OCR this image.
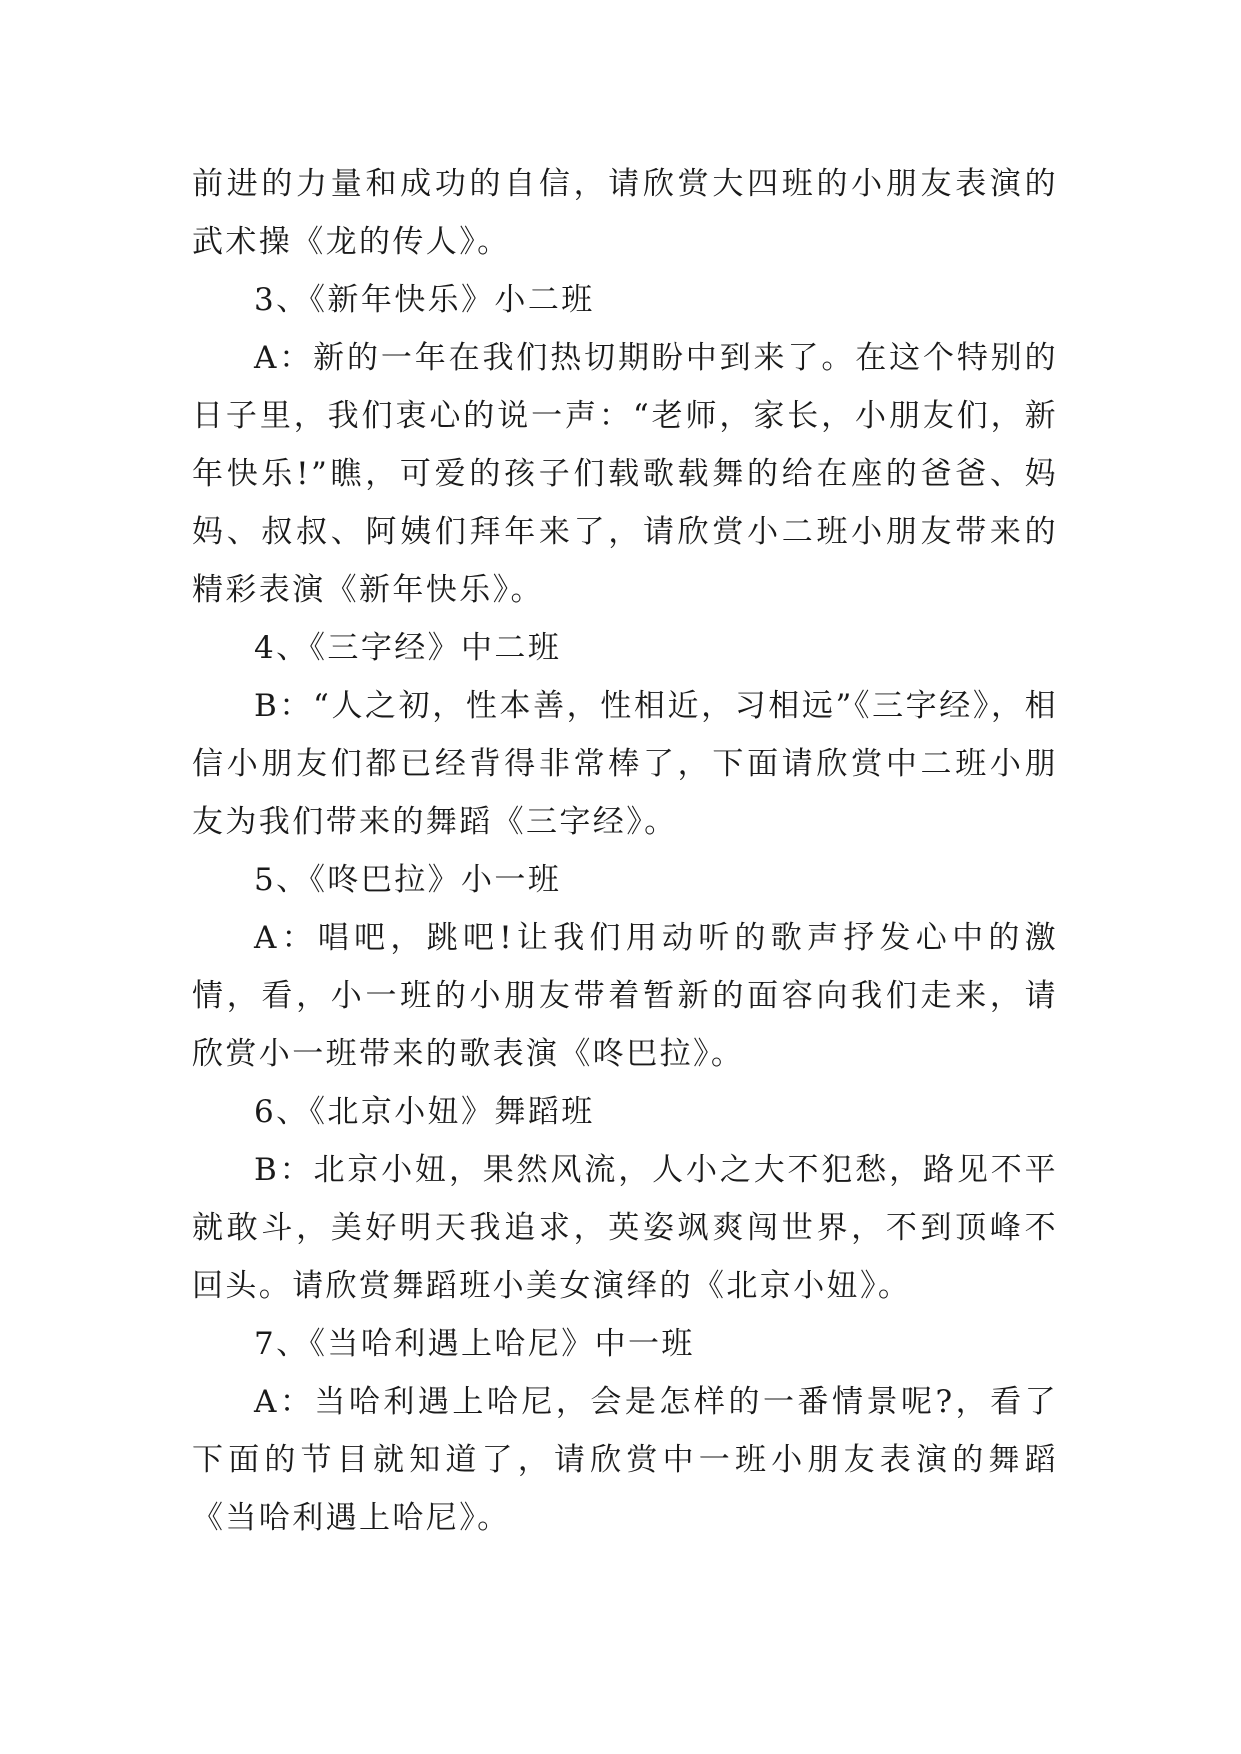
前进的力量和成功的自信，请欣赏大四班的小朋友表演的武术操《龙的传人》。

3、《新年快乐》小二班

A：新的一年在我们热切期盼中到来了。在这个特别的日子里，我们衷心的说一声：“老师，家长，小朋友们，新年快乐!”瞧，可爱的孩子们载歌载舞的给在座的爸爸、妈妈、叔叔、阿姨们拜年来了，请欣赏小二班小朋友带来的精彩表演《新年快乐》。

4、《三字经》中二班

B：“人之初，性本善，性相近，习相远”《三字经》，相信小朋友们都已经背得非常棒了，下面请欣赏中二班小朋友为我们带来的舞蹈《三字经》。

5、《咚巴拉》小一班

A：唱吧，跳吧!让我们用动听的歌声抒发心中的激情，看，小一班的小朋友带着暂新的面容向我们走来，请欣赏小一班带来的歌表演《咚巴拉》。

6、《北京小妞》舞蹈班

B：北京小妞，果然风流，人小之大不犯愁，路见不平就敢斗，美好明天我追求，英姿飒爽闯世界，不到顶峰不回头。请欣赏舞蹈班小美女演绎的《北京小妞》。

7、《当哈利遇上哈尼》中一班

A：当哈利遇上哈尼，会是怎样的一番情景呢?，看了下面的节目就知道了，请欣赏中一班小朋友表演的舞蹈《当哈利遇上哈尼》。
